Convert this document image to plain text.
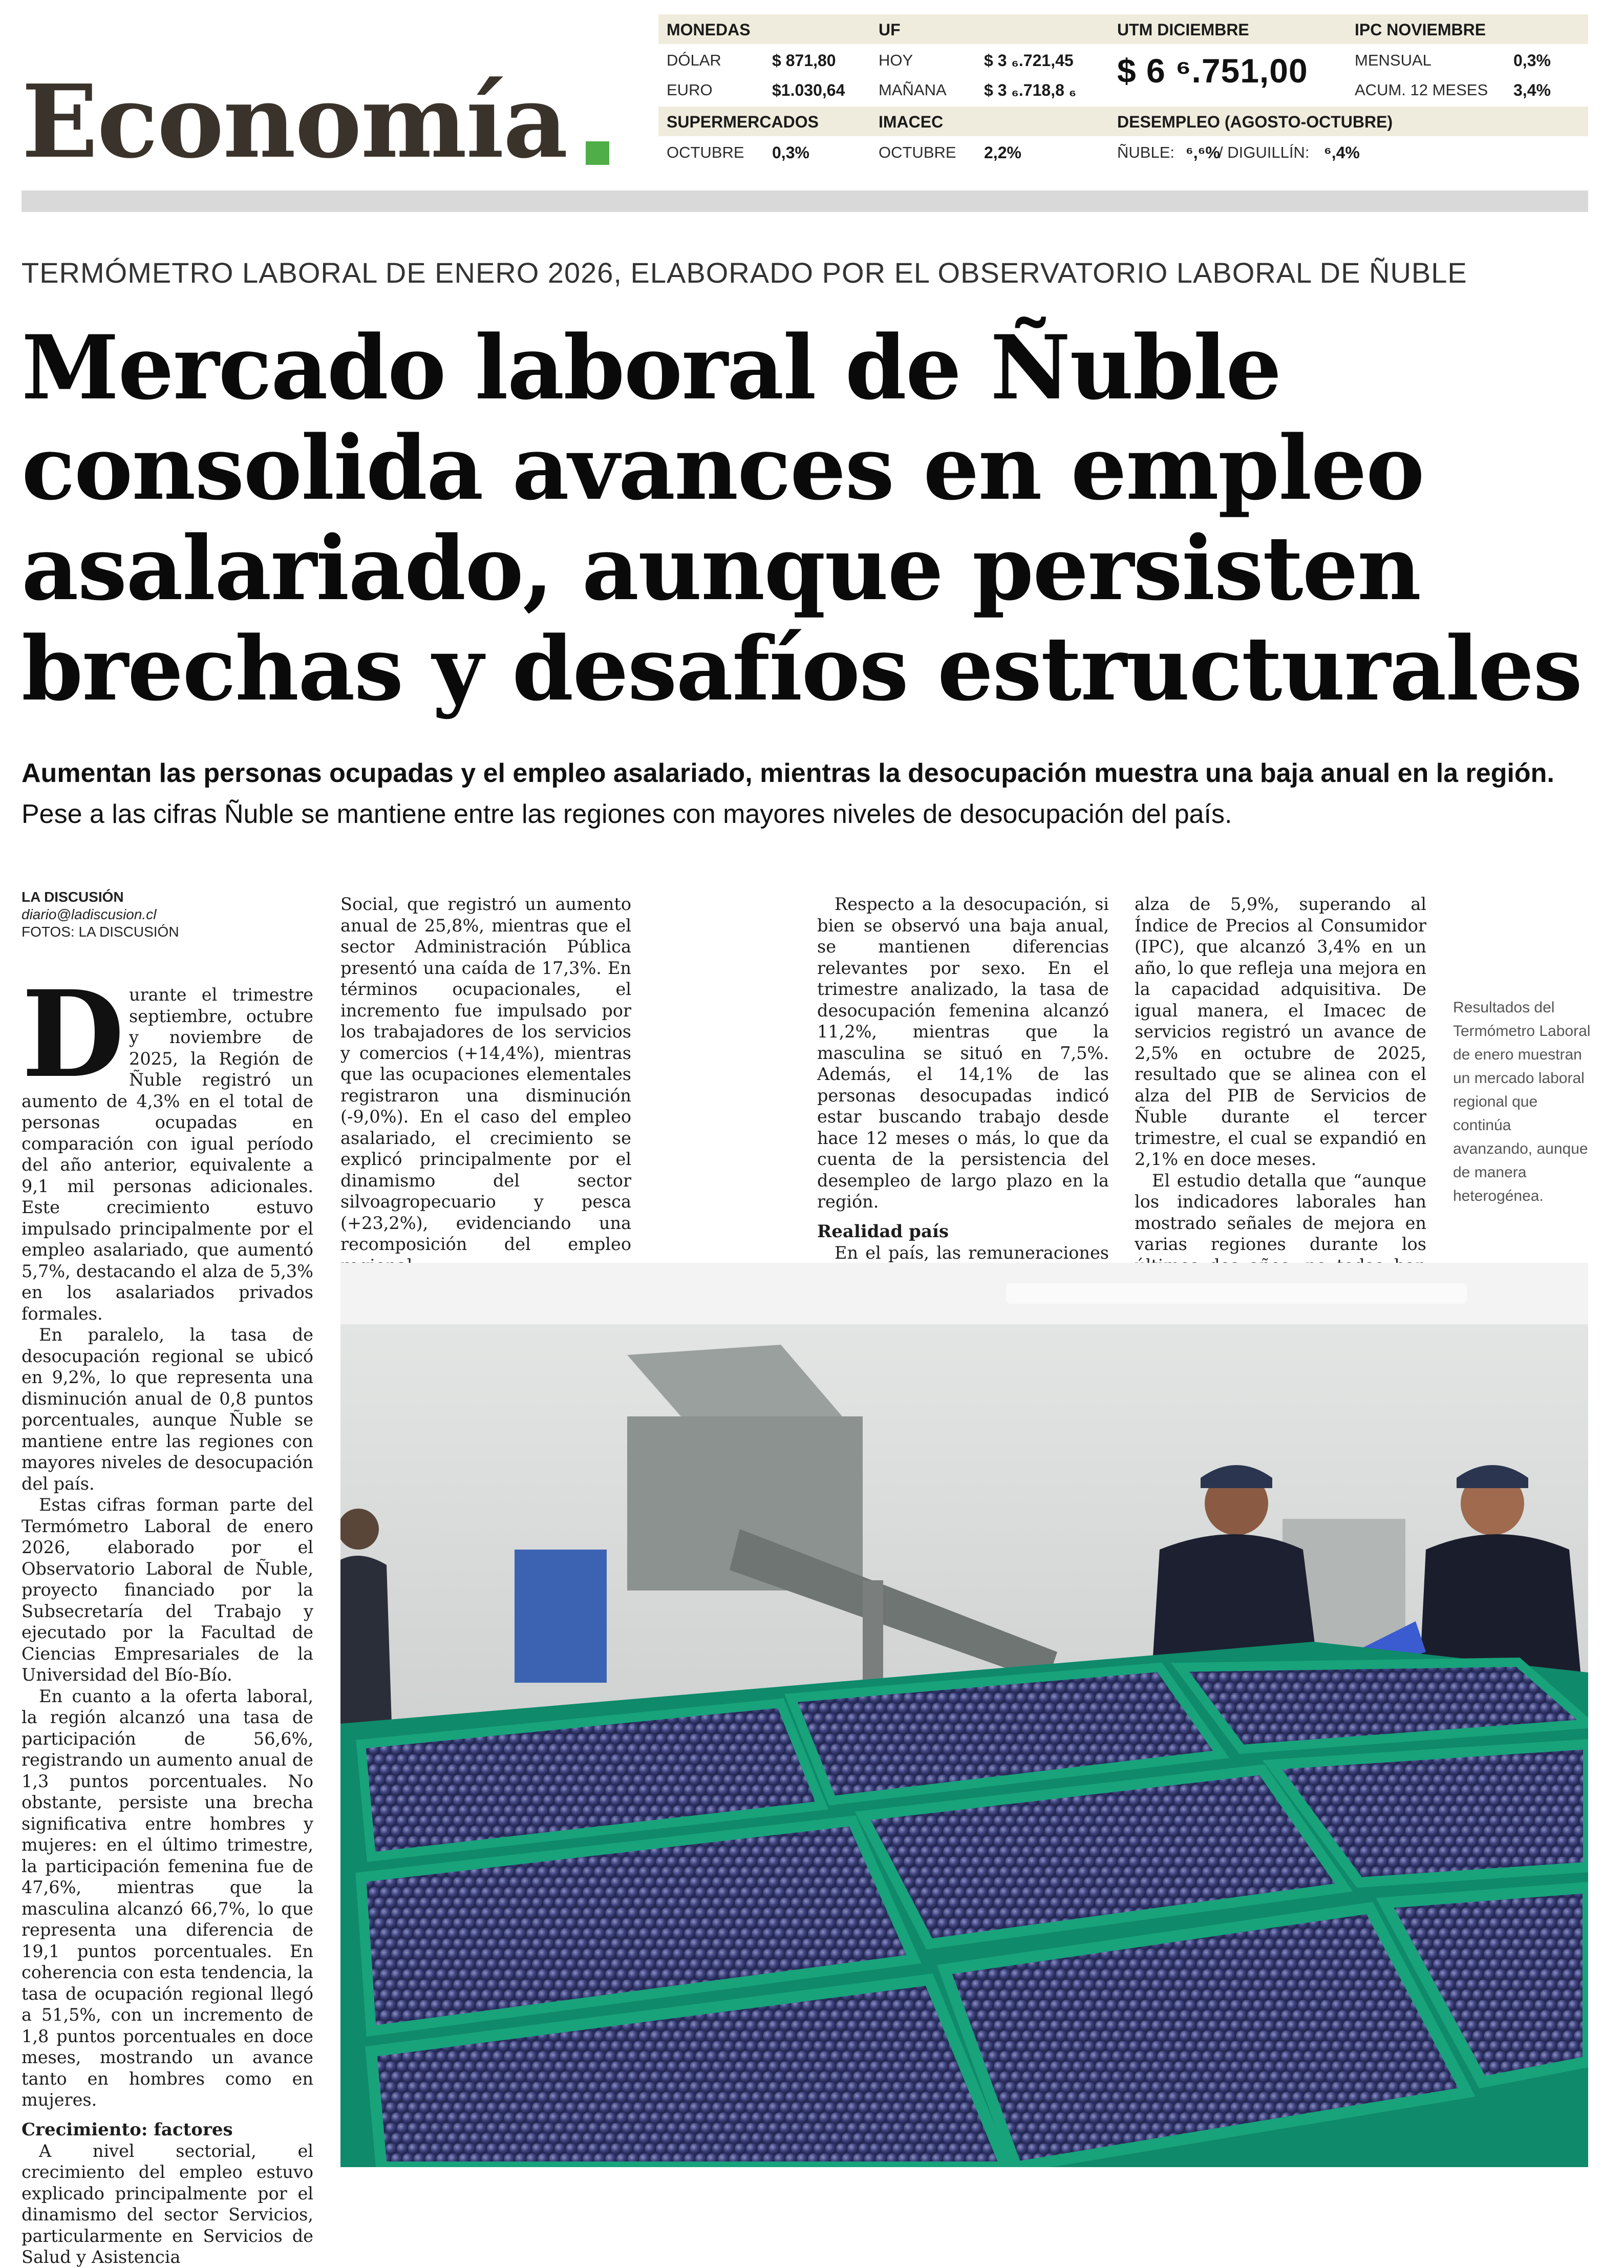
Economía
MONEDAS
DÓLAR	$ 871,80
EURO	$1.030,64
UF
HOY	$ 3 ₆.721,45
MAÑANA $ 3 ₆.718,8 ₆
UTM DICIEMBRE
$ 6 ⁶.751,00
IPC NOVIEMBRE
MENSUAL	0,3%
ACUM. 12 MESES 3,4%
SUPERMERCADOS
OCTUBRE 0,3%
IMACEC
OCTUBRE 2,2%
DESEMPLEO (AGOSTO-OCTUBRE)
ÑUBLE: ⁶,⁶%
/ DIGUILLÍN: ⁶,4%
TERMÓMETRO LABORAL DE ENERO 2026, ELABORADO POR EL OBSERVATORIO LABORAL DE ÑUBLE
Mercado laboral de Ñuble
consolida avances en empleo
asalariado, aunque persisten
brechas y desafíos estructurales
Aumentan las personas ocupadas y el empleo asalariado, mientras la desocupación muestra una baja anual en la región. Pese a las cifras Ñuble se mantiene entre las regiones con mayores niveles de desocupación del país.
LA DISCUSIÓN
diario@ladiscusion.cl
FOTOS: LA DISCUSIÓN
D urante el trimestre septiembre, octubre y noviembre de 2025, la Región de Ñuble registró un aumento de 4,3% en el total de personas ocupadas en comparación con igual período del año anterior, equivalente a 9,1 mil personas adicionales. Este crecimiento estuvo impulsado principalmente por el empleo asalariado, que aumentó 5,7%, destacando el alza de 5,3% en los asalariados privados formales.

En paralelo, la tasa de desocupación regional se ubicó en 9,2%, lo que representa una disminución anual de 0,8 puntos porcentuales, aunque Ñuble se mantiene entre las regiones con mayores niveles de desocupación del país.

Estas cifras forman parte del Termómetro Laboral de enero 2026, elaborado por el Observatorio Laboral de Ñuble, proyecto financiado por la Subsecretaría del Trabajo y ejecutado por la Facultad de Ciencias Empresariales de la Universidad del Bío-Bío.

En cuanto a la oferta laboral, la región alcanzó una tasa de participación de 56,6%, registrando un aumento anual de 1,3 puntos porcentuales. No obstante, persiste una brecha significativa entre hombres y mujeres: en el último trimestre, la participación femenina fue de 47,6%, mientras que la masculina alcanzó 66,7%, lo que representa una diferencia de 19,1 puntos porcentuales. En coherencia con esta tendencia, la tasa de ocupación regional llegó a 51,5%, con un incremento de 1,8 puntos porcentuales en doce meses, mostrando un avance tanto en hombres como en mujeres.

Crecimiento: factores

A nivel sectorial, el crecimiento del empleo estuvo explicado principalmente por el dinamismo del sector Servicios, particularmente en Servicios de Salud y Asistencia

Social, que registró un aumento anual de 25,8%, mientras que el sector Administración Pública presentó una caída de 17,3%. En términos ocupacionales, el incremento fue impulsado por los trabajadores de los servicios y comercios (+14,4%), mientras que las ocupaciones elementales registraron una disminución (-9,0%). En el caso del empleo asalariado, el crecimiento se explicó principalmente por el dinamismo del sector silvoagropecuario y pesca (+23,2%), evidenciando una recomposición del empleo

Respecto a la desocupación, si bien se observó una baja anual, se mantienen diferencias relevantes por sexo. En el trimestre analizado, la tasa de desocupación femenina alcanzó 11,2%, mientras que la masculina se situó en 7,5%. Además, el 14,1% de las personas desocupadas indicó estar buscando trabajo desde hace 12 meses o más, lo que da cuenta de la persistencia del desempleo de largo plazo en la región.

Realidad país

En el país, las remuneraciones

alza de 5,9%, superando al Índice de Precios al Consumidor (IPC), que alcanzó 3,4% en un año, lo que refleja una mejora en la capacidad adquisitiva. De igual manera, el Imacec de servicios registró un avance de 2,5% en octubre de 2025, resultado que se alinea con el alza del PIB de Servicios de Ñuble durante el tercer trimestre, el cual se expandió en 2,1% en doce meses.

El estudio detalla que “aunque los indicadores laborales han mostrado señales de mejora en varias regiones durante los

Resultados del Termómetro Laboral de enero muestran un mercado laboral regional que continúa avanzando, aunque de manera heterogénea.
